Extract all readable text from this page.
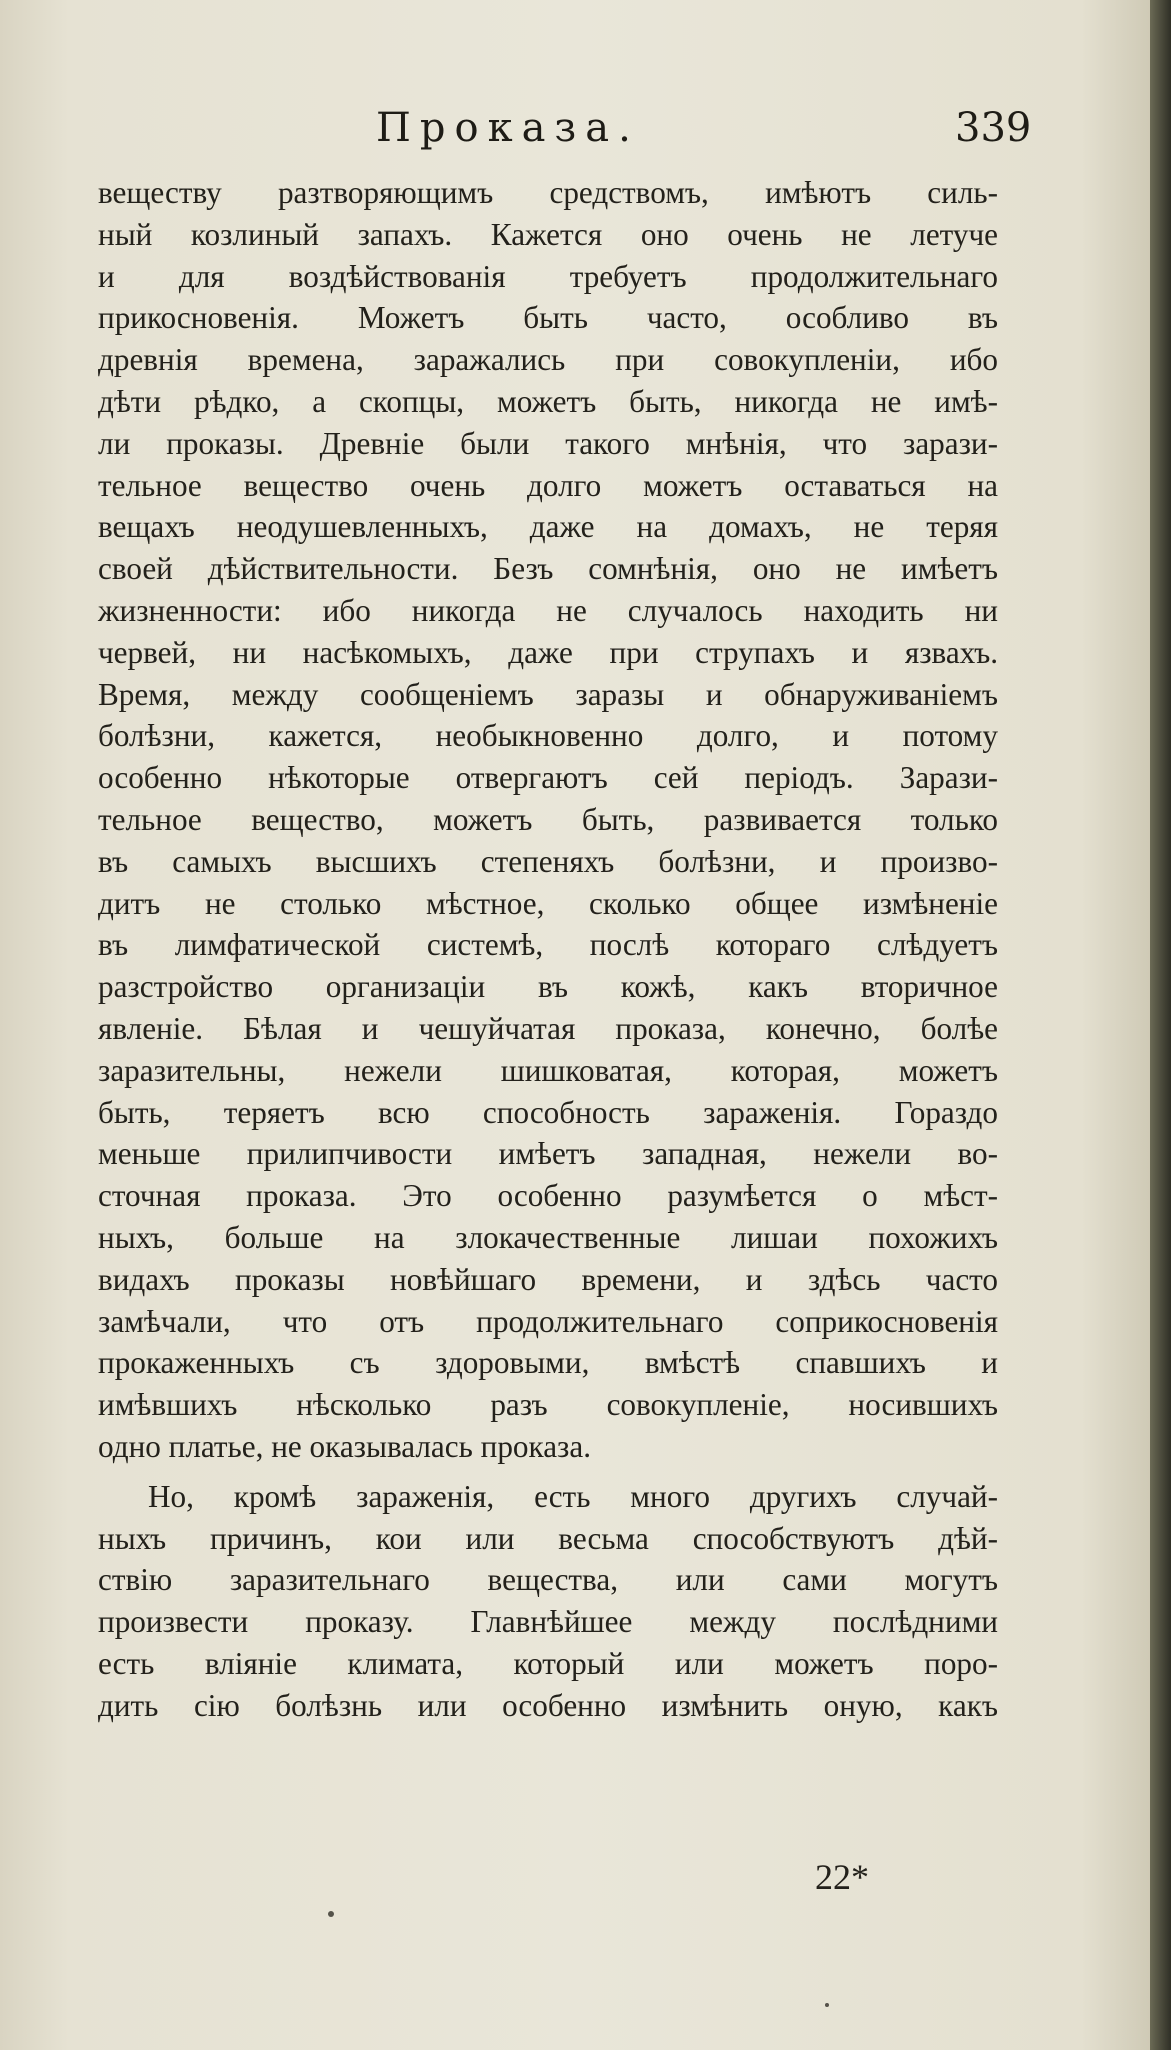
Проказа.	339
веществу разтворяющимъ средствомъ, имѣютъ силь-
ный козлиный запахъ. Кажется оно очень не летуче
и для воздѣйствованія требуетъ продолжительнаго
прикосновенія. Можетъ быть часто, особливо въ
древнія времена, заражались при совокупленіи, ибо
дѣти рѣдко, а скопцы, можетъ быть, никогда не имѣ-
ли проказы. Древніе были такого мнѣнія, что зарази-
тельное вещество очень долго можетъ оставаться на
вещахъ неодушевленныхъ, даже на домахъ, не теряя
своей дѣйствительности. Безъ сомнѣнія, оно не имѣетъ
жизненности: ибо никогда не случалось находить ни
червей, ни насѣкомыхъ, даже при струпахъ и язвахъ.
Время, между сообщеніемъ заразы и обнаруживаніемъ
болѣзни, кажется, необыкновенно долго, и потому
особенно нѣкоторые отвергаютъ сей періодъ. Зарази-
тельное вещество, можетъ быть, развивается только
въ самыхъ высшихъ степеняхъ болѣзни, и произво-
дитъ не столько мѣстное, сколько общее измѣненіе
въ лимфатической системѣ, послѣ котораго слѣдуетъ
разстройство организаціи въ кожѣ, какъ вторичное
явленіе. Бѣлая и чешуйчатая проказа, конечно, болѣе
заразительны, нежели шишковатая, которая, можетъ
быть, теряетъ всю способность зараженія. Гораздо
меньше прилипчивости имѣетъ западная, нежели во-
сточная проказа. Это особенно разумѣется о мѣст-
ныхъ, больше на злокачественные лишаи похожихъ
видахъ проказы новѣйшаго времени, и здѣсь часто
замѣчали, что отъ продолжительнаго соприкосновенія
прокаженныхъ съ здоровыми, вмѣстѣ спавшихъ и
имѣвшихъ нѣсколько разъ совокупленіе, носившихъ
одно платье, не оказывалась проказа.
Но, кромѣ зараженія, есть много другихъ случай-
ныхъ причинъ, кои или весьма способствуютъ дѣй-
ствію заразительнаго вещества, или сами могутъ
произвести проказу. Главнѣйшее между послѣдними
есть вліяніе климата, который или можетъ поро-
дить сію болѣзнь или особенно измѣнить оную, какъ
22*
